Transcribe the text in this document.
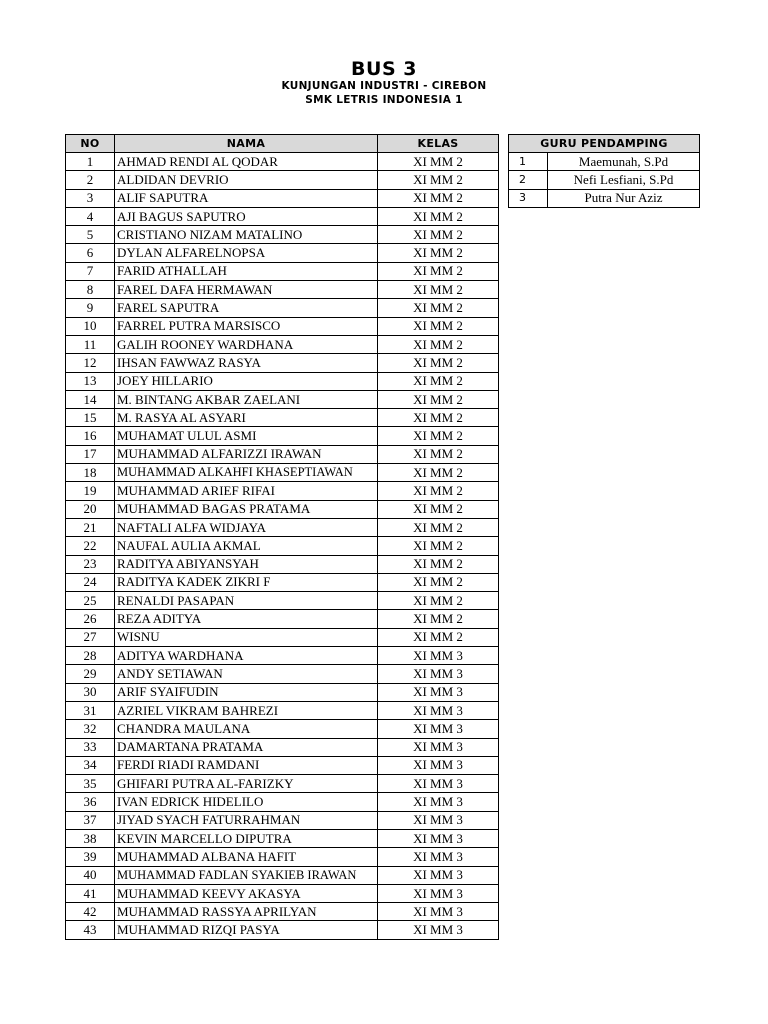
BUS 3
KUNJUNGAN INDUSTRI - CIREBON
SMK LETRIS INDONESIA 1
NO	NAMA	KELAS
1	AHMAD RENDI AL QODAR	XI MM 2
2	ALDIDAN DEVRIO	XI MM 2
3	ALIF SAPUTRA	XI MM 2
4	AJI BAGUS SAPUTRO	XI MM 2
5	CRISTIANO NIZAM MATALINO	XI MM 2
6	DYLAN ALFARELNOPSA	XI MM 2
7	FARID ATHALLAH	XI MM 2
8	FAREL DAFA HERMAWAN	XI MM 2
9	FAREL SAPUTRA	XI MM 2
10	FARREL PUTRA MARSISCO	XI MM 2
11	GALIH ROONEY WARDHANA	XI MM 2
12	IHSAN FAWWAZ RASYA	XI MM 2
13	JOEY HILLARIO	XI MM 2
14	M. BINTANG AKBAR ZAELANI	XI MM 2
15	M. RASYA AL ASYARI	XI MM 2
16	MUHAMAT ULUL ASMI	XI MM 2
17	MUHAMMAD ALFARIZZI IRAWAN	XI MM 2
18	MUHAMMAD ALKAHFI KHASEPTIAWAN	XI MM 2
19	MUHAMMAD ARIEF RIFAI	XI MM 2
20	MUHAMMAD BAGAS PRATAMA	XI MM 2
21	NAFTALI ALFA WIDJAYA	XI MM 2
22	NAUFAL AULIA AKMAL	XI MM 2
23	RADITYA ABIYANSYAH	XI MM 2
24	RADITYA KADEK ZIKRI F	XI MM 2
25	RENALDI PASAPAN	XI MM 2
26	REZA ADITYA	XI MM 2
27	WISNU	XI MM 2
28	ADITYA WARDHANA	XI MM 3
29	ANDY SETIAWAN	XI MM 3
30	ARIF SYAIFUDIN	XI MM 3
31	AZRIEL VIKRAM BAHREZI	XI MM 3
32	CHANDRA MAULANA	XI MM 3
33	DAMARTANA PRATAMA	XI MM 3
34	FERDI RIADI RAMDANI	XI MM 3
35	GHIFARI PUTRA AL-FARIZKY	XI MM 3
36	IVAN EDRICK HIDELILO	XI MM 3
37	JIYAD SYACH FATURRAHMAN	XI MM 3
38	KEVIN MARCELLO DIPUTRA	XI MM 3
39	MUHAMMAD ALBANA HAFIT	XI MM 3
40	MUHAMMAD FADLAN SYAKIEB IRAWAN	XI MM 3
41	MUHAMMAD KEEVY AKASYA	XI MM 3
42	MUHAMMAD RASSYA APRILYAN	XI MM 3
43	MUHAMMAD RIZQI PASYA	XI MM 3
GURU PENDAMPING	
1	Maemunah, S.Pd
2	Nefi Lesfiani, S.Pd
3	Putra Nur Aziz
